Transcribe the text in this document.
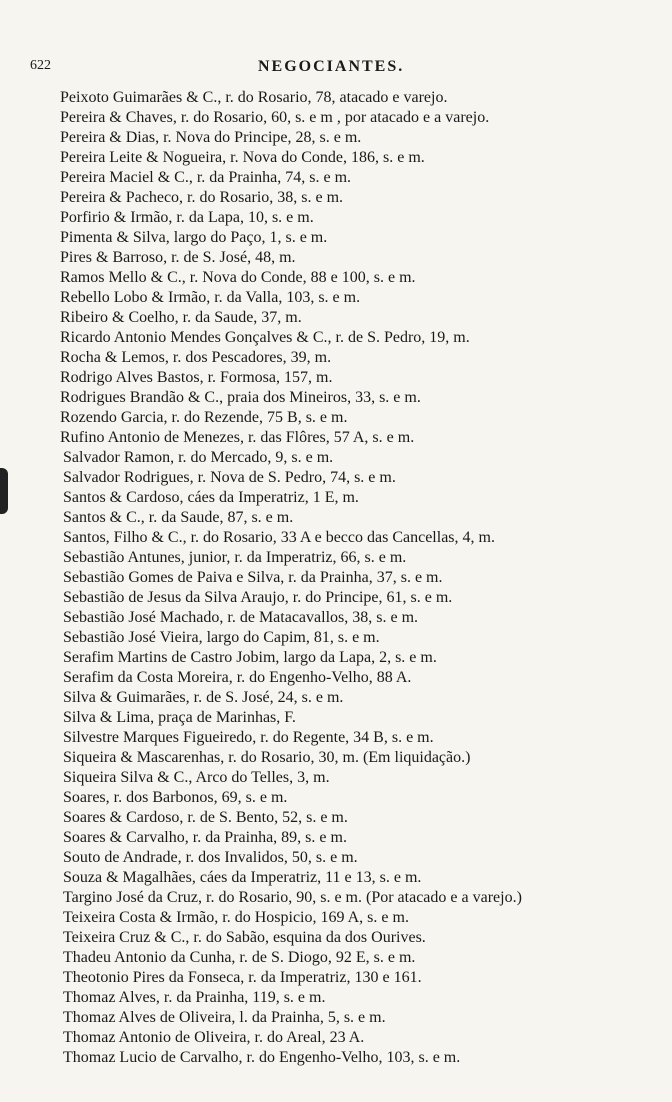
622	NEGOCIANTES.
Peixoto Guimarães & C., r. do Rosario, 78, atacado e varejo.
Pereira & Chaves, r. do Rosario, 60, s. e m , por atacado e a varejo.
Pereira & Dias, r. Nova do Principe, 28, s. e m.
Pereira Leite & Nogueira, r. Nova do Conde, 186, s. e m.
Pereira Maciel & C., r. da Prainha, 74, s. e m.
Pereira & Pacheco, r. do Rosario, 38, s. e m.
Porfirio & Irmão, r. da Lapa, 10, s. e m.
Pimenta & Silva, largo do Paço, 1, s. e m.
Pires & Barroso, r. de S. José, 48, m.
Ramos Mello & C., r. Nova do Conde, 88 e 100, s. e m.
Rebello Lobo & Irmão, r. da Valla, 103, s. e m.
Ribeiro & Coelho, r. da Saude, 37, m.
Ricardo Antonio Mendes Gonçalves & C., r. de S. Pedro, 19, m.
Rocha & Lemos, r. dos Pescadores, 39, m.
Rodrigo Alves Bastos, r. Formosa, 157, m.
Rodrigues Brandão & C., praia dos Mineiros, 33, s. e m.
Rozendo Garcia, r. do Rezende, 75 B, s. e m.
Rufino Antonio de Menezes, r. das Flôres, 57 A, s. e m.
Salvador Ramon, r. do Mercado, 9, s. e m.
Salvador Rodrigues, r. Nova de S. Pedro, 74, s. e m.
Santos & Cardoso, cáes da Imperatriz, 1 E, m.
Santos & C., r. da Saude, 87, s. e m.
Santos, Filho & C., r. do Rosario, 33 A e becco das Cancellas, 4, m.
Sebastião Antunes, junior, r. da Imperatriz, 66, s. e m.
Sebastião Gomes de Paiva e Silva, r. da Prainha, 37, s. e m.
Sebastião de Jesus da Silva Araujo, r. do Principe, 61, s. e m.
Sebastião José Machado, r. de Matacavallos, 38, s. e m.
Sebastião José Vieira, largo do Capim, 81, s. e m.
Serafim Martins de Castro Jobim, largo da Lapa, 2, s. e m.
Serafim da Costa Moreira, r. do Engenho-Velho, 88 A.
Silva & Guimarães, r. de S. José, 24, s. e m.
Silva & Lima, praça de Marinhas, F.
Silvestre Marques Figueiredo, r. do Regente, 34 B, s. e m.
Siqueira & Mascarenhas, r. do Rosario, 30, m. (Em liquidação.)
Siqueira Silva & C., Arco do Telles, 3, m.
Soares, r. dos Barbonos, 69, s. e m.
Soares & Cardoso, r. de S. Bento, 52, s. e m.
Soares & Carvalho, r. da Prainha, 89, s. e m.
Souto de Andrade, r. dos Invalidos, 50, s. e m.
Souza & Magalhães, cáes da Imperatriz, 11 e 13, s. e m.
Targino José da Cruz, r. do Rosario, 90, s. e m. (Por atacado e a varejo.)
Teixeira Costa & Irmão, r. do Hospicio, 169 A, s. e m.
Teixeira Cruz & C., r. do Sabão, esquina da dos Ourives.
Thadeu Antonio da Cunha, r. de S. Diogo, 92 E, s. e m.
Theotonio Pires da Fonseca, r. da Imperatriz, 130 e 161.
Thomaz Alves, r. da Prainha, 119, s. e m.
Thomaz Alves de Oliveira, l. da Prainha, 5, s. e m.
Thomaz Antonio de Oliveira, r. do Areal, 23 A.
Thomaz Lucio de Carvalho, r. do Engenho-Velho, 103, s. e m.
